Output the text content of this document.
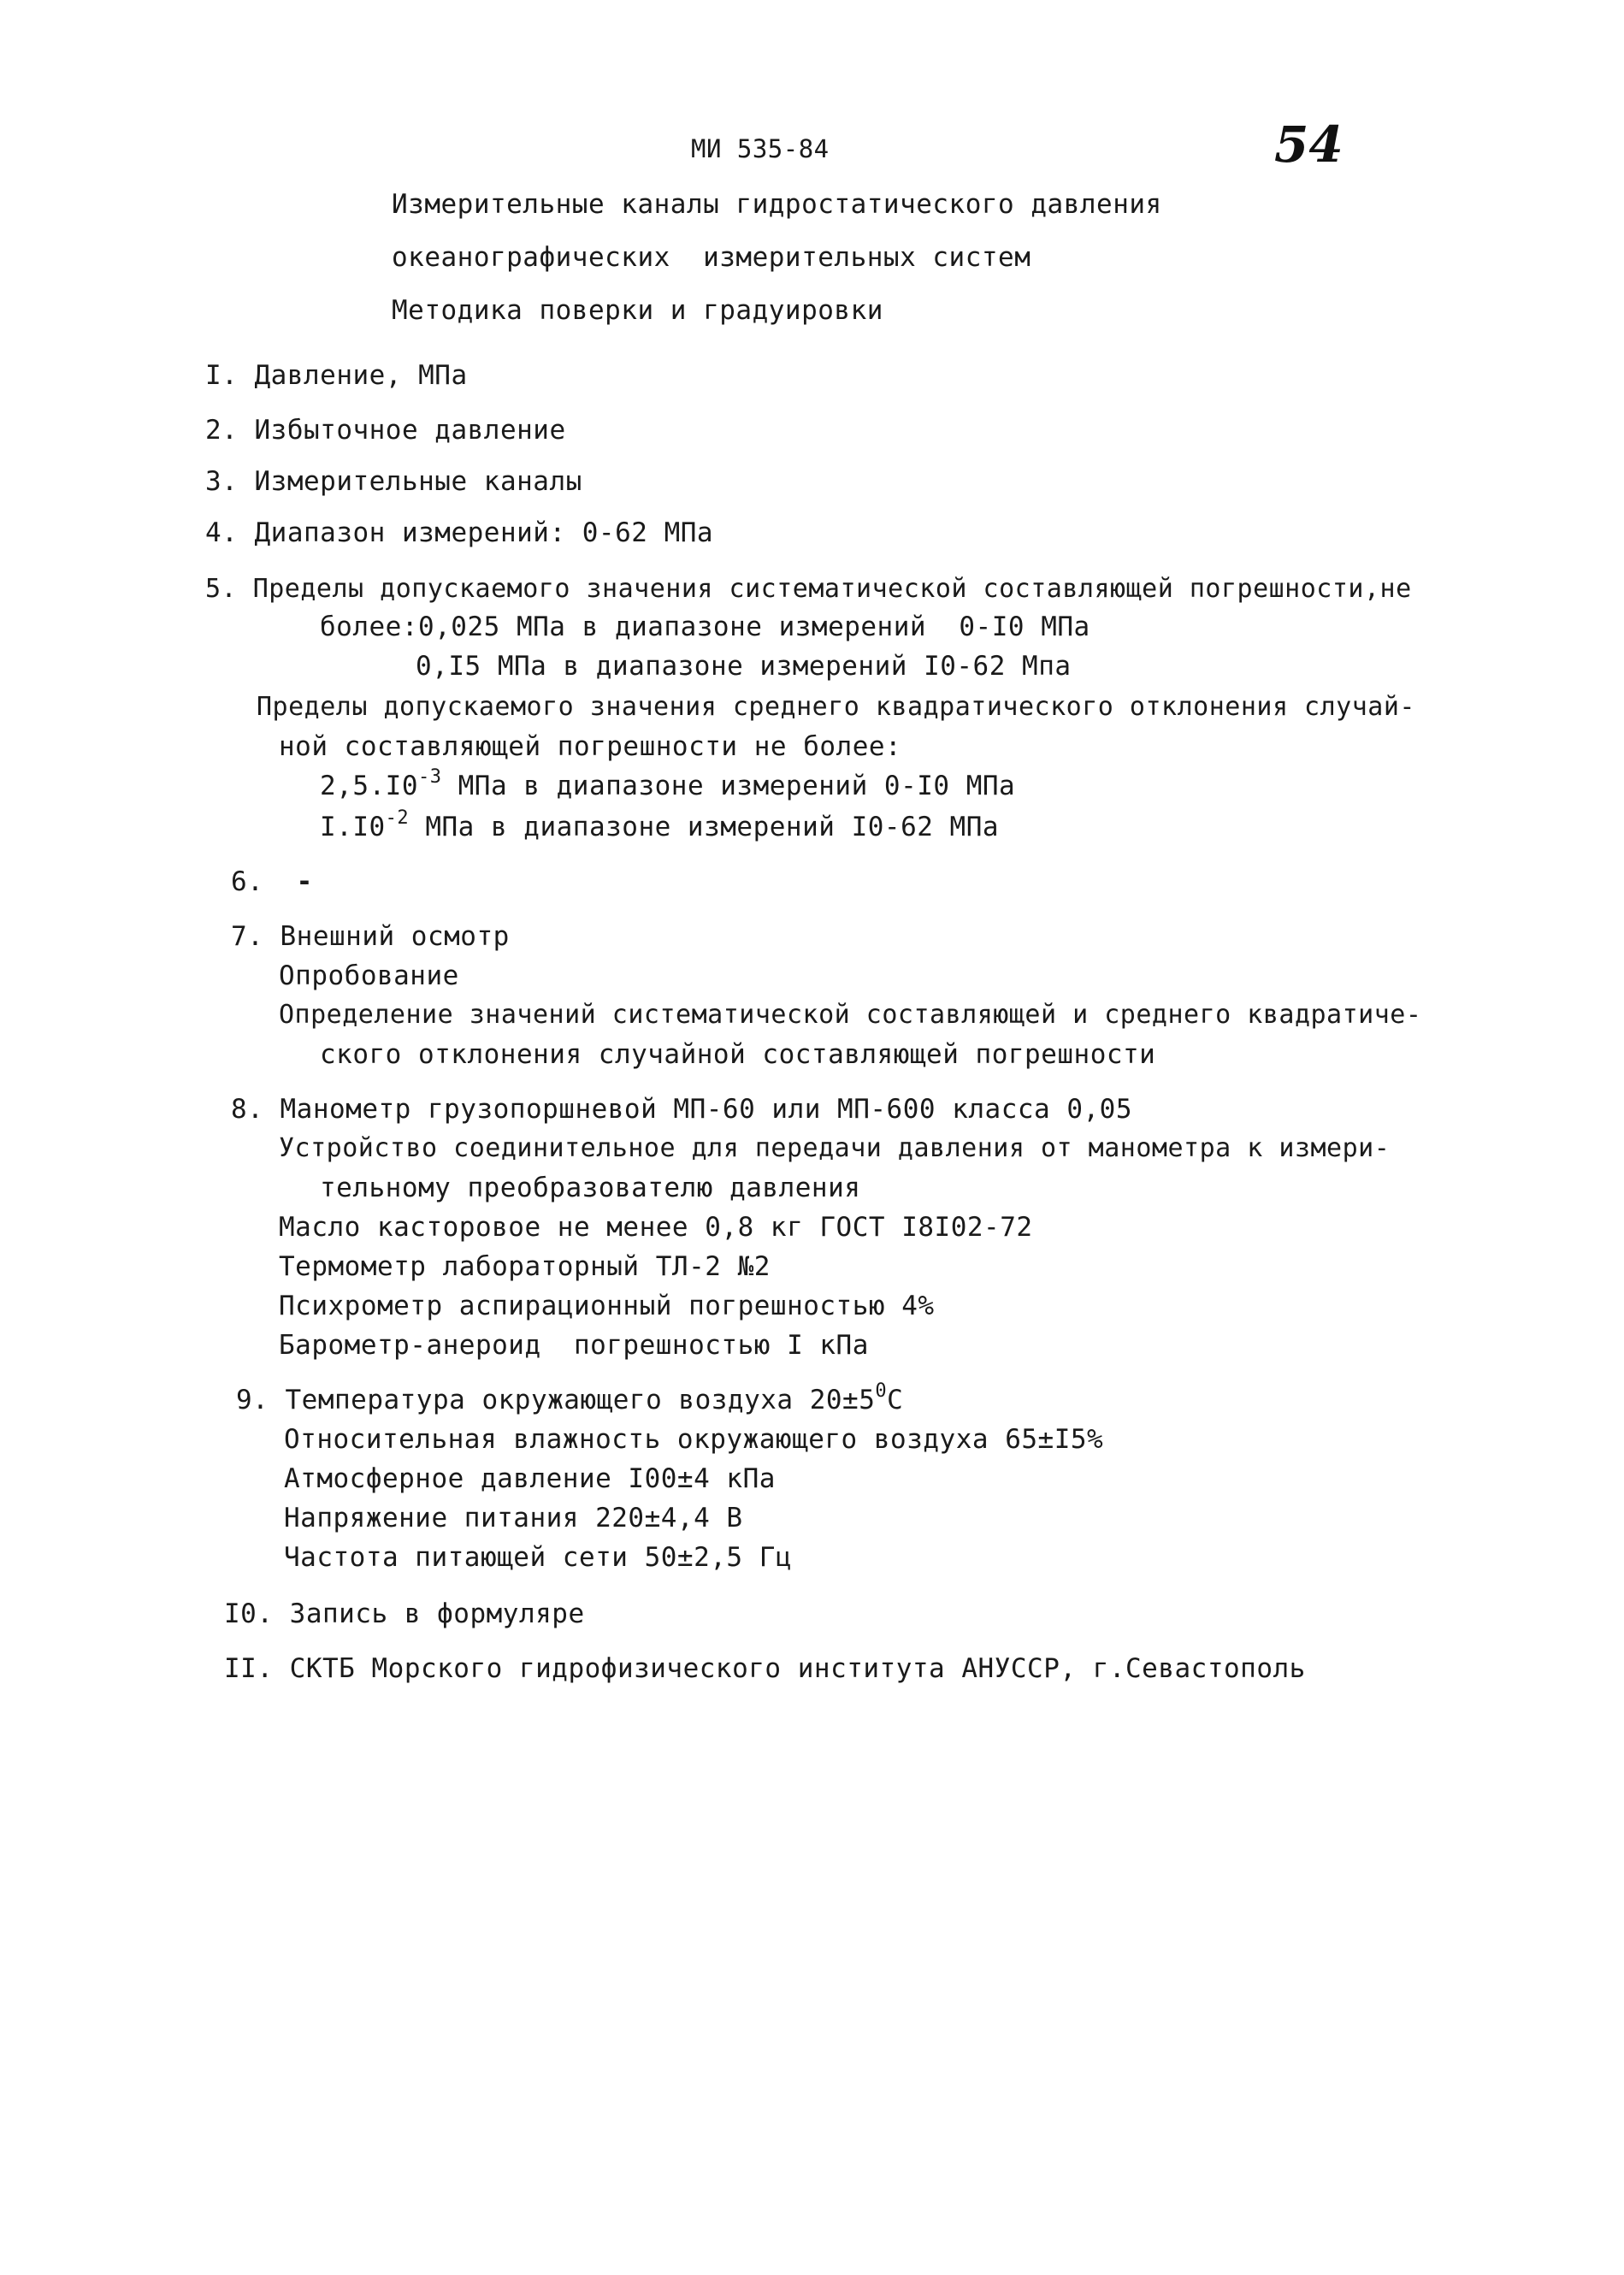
МИ 535-84	54
Измерительные каналы гидростатического давления
океанографических  измерительных систем
Методика поверки и градуировки
I. Давление, МПа
2. Избыточное давление
3. Измерительные каналы
4. Диапазон измерений: 0-62 МПа
5. Пределы допускаемого значения систематической составляющей погрешности,не
более:0,025 МПа в диапазоне измерений  0-I0 МПа
0,I5 МПа в диапазоне измерений I0-62 Мпа
Пределы допускаемого значения среднего квадратического отклонения случай-
ной составляющей погрешности не более:
$2,5.I0^{-3}$ МПа в диапазоне измерений 0-I0 МПа
$I.I0^{-2}$ МПа в диапазоне измерений I0-62 МПа
6. -
7. Внешний осмотр
Опробование
Определение значений систематической составляющей и среднего квадратиче-
ского отклонения случайной составляющей погрешности
8. Манометр грузопоршневой МП-60 или МП-600 класса 0,05
Устройство соединительное для передачи давления от манометра к измери-
тельному преобразователю давления
Масло касторовое не менее 0,8 кг ГОСТ I8I02-72
Термометр лабораторный ТЛ-2 №2
Психрометр аспирационный погрешностью 4%
Барометр-анероид  погрешностью I кПа
9. Температура окружающего воздуха $20\pm 5^0С$
Относительная влажность окружающего воздуха 65±I5%
Атмосферное давление I00±4 кПа
Напряжение питания 220±4,4 В
Частота питающей сети 50±2,5 Гц
I0. Запись в формуляре
II. СКТБ Морского гидрофизического института АНУССР, г.Севастополь
